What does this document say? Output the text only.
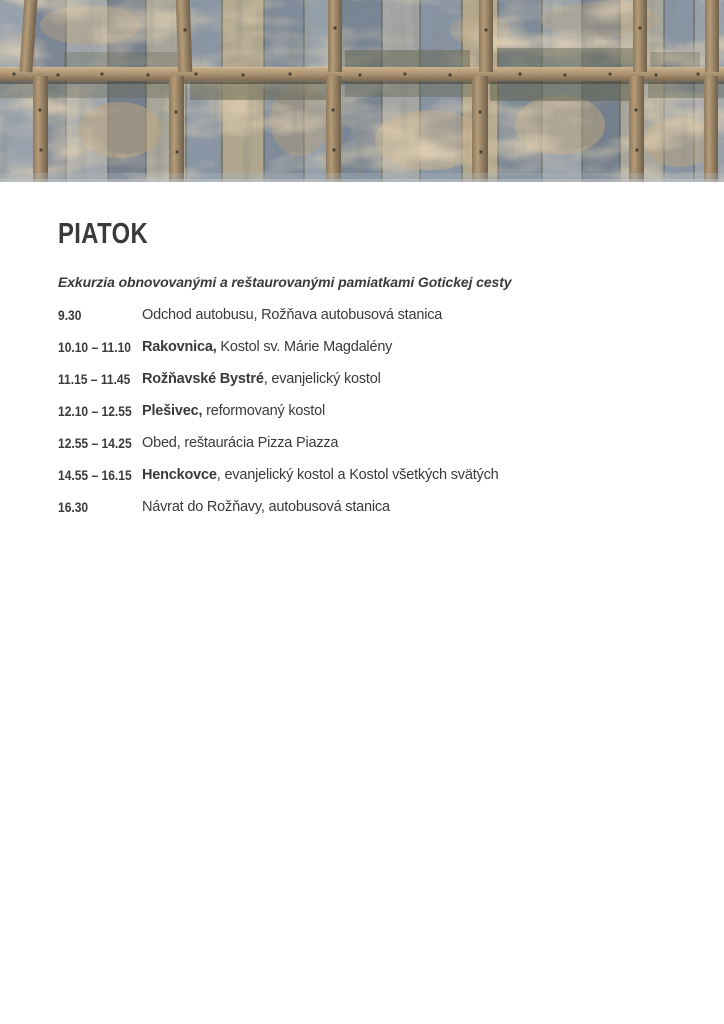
PIATOK

Exkurzia obnovovanými a reštaurovanými pamiatkami Gotickej cesty

9.30	Odchod autobusu, Rožňava autobusová stanica
10.10 – 11.10 Rakovnica, Kostol sv. Márie Magdalény
11.15 – 11.45 Rožňavské Bystré, evanjelický kostol
12.10 – 12.55 Plešivec, reformovaný kostol
12.55 – 14.25 Obed, reštaurácia Pizza Piazza
14.55 – 16.15 Henckovce, evanjelický kostol a Kostol všetkých svätých
16.30	Návrat do Rožňavy, autobusová stanica
